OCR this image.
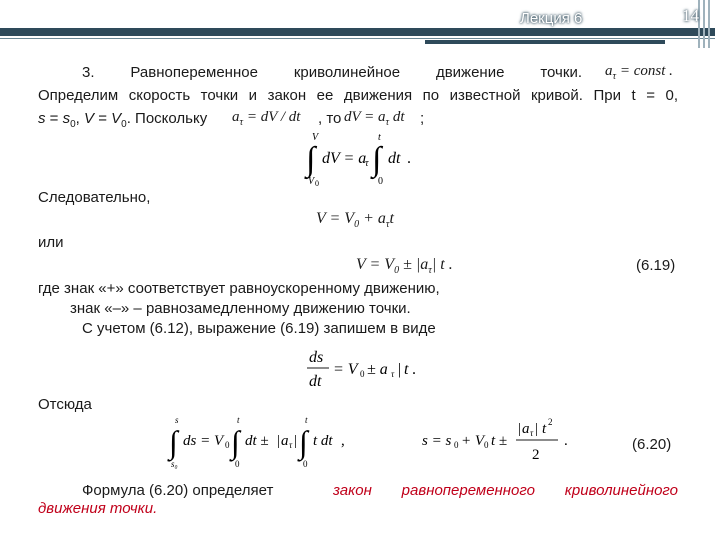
Лекция 6	14
3. Равнопеременное криволинейное движение точки. $a_\tau$ = const .
Определим скорость точки и закон ее движения по известной кривой. При t = 0,
$s = s_0$, $V = V_0$. Поскольку $a_\tau$ = dV / dt , то dV = $a_\tau$ dt ;
V
∫
V 0
dV = a
τ
t
∫
0
dt .
Следовательно,
$V = V_0 + a_\tau t$
или
$V = V_0 \pm |a_\tau|$ t .	(6.19)
где знак «+» соответствует равноускоренному движению,
знак «–» – равнозамедленному движению точки.
С учетом (6.12), выражение (6.19) запишем в виде
ds
dt
= V 0 ± a τ | t .
Отсюда
s
∫
s₀
ds = V 0
t
∫
0
dt ± | a τ |
t
∫
0
t dt ,	s = s 0 + V 0 t ±
| a τ | t 2
2
.	(6.20)
Формула (6.20) определяет	закон равнопеременного криволинейного
движения точки.
